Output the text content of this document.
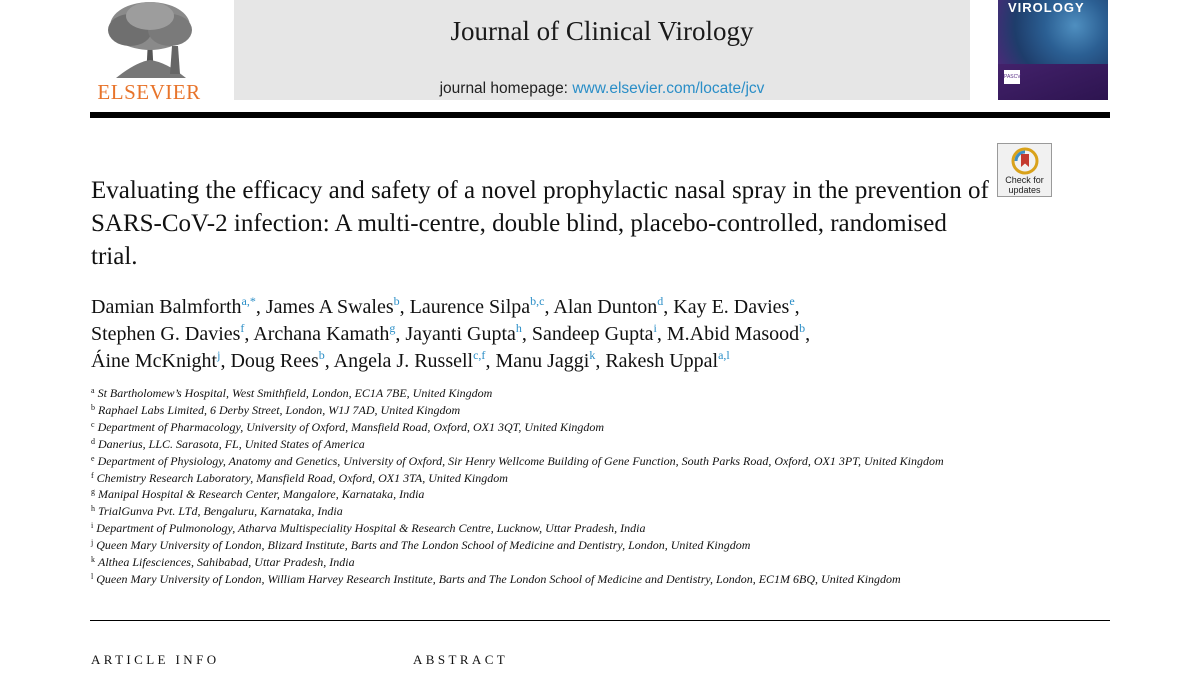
ELSEVIER
Journal of Clinical Virology
journal homepage: www.elsevier.com/locate/jcv
VIROLOGY
PASCV
Check for
updates
Evaluating the efficacy and safety of a novel prophylactic nasal spray in the prevention of SARS-CoV-2 infection: A multi-centre, double blind, placebo-controlled, randomised trial.
Damian Balmforth$^{a,*}$, James A Swales$^b$, Laurence Silpa$^{b,c}$, Alan Dunton$^d$, Kay E. Davies$^e$,
Stephen G. Davies$^f$, Archana Kamath$^g$, Jayanti Gupta$^h$, Sandeep Gupta$^i$, M.Abid Masood$^b$,
Áine McKnight$^j$, Doug Rees$^b$, Angela J. Russell$^{c,f}$, Manu Jaggi$^k$, Rakesh Uppal$^{a,l}$
$^a$ St Bartholomew’s Hospital, West Smithfield, London, EC1A 7BE, United Kingdom
$^b$ Raphael Labs Limited, 6 Derby Street, London, W1J 7AD, United Kingdom
$^c$ Department of Pharmacology, University of Oxford, Mansfield Road, Oxford, OX1 3QT, United Kingdom
$^d$ Danerius, LLC. Sarasota, FL, United States of America
$^e$ Department of Physiology, Anatomy and Genetics, University of Oxford, Sir Henry Wellcome Building of Gene Function, South Parks Road, Oxford, OX1 3PT, United Kingdom
$^f$ Chemistry Research Laboratory, Mansfield Road, Oxford, OX1 3TA, United Kingdom
$^g$ Manipal Hospital & Research Center, Mangalore, Karnataka, India
$^h$ TrialGunva Pvt. LTd, Bengaluru, Karnataka, India
$^i$ Department of Pulmonology, Atharva Multispeciality Hospital & Research Centre, Lucknow, Uttar Pradesh, India
$^j$ Queen Mary University of London, Blizard Institute, Barts and The London School of Medicine and Dentistry, London, United Kingdom
$^k$ Althea Lifesciences, Sahibabad, Uttar Pradesh, India
$^l$ Queen Mary University of London, William Harvey Research Institute, Barts and The London School of Medicine and Dentistry, London, EC1M 6BQ, United Kingdom
ARTICLE INFO	ABSTRACT
